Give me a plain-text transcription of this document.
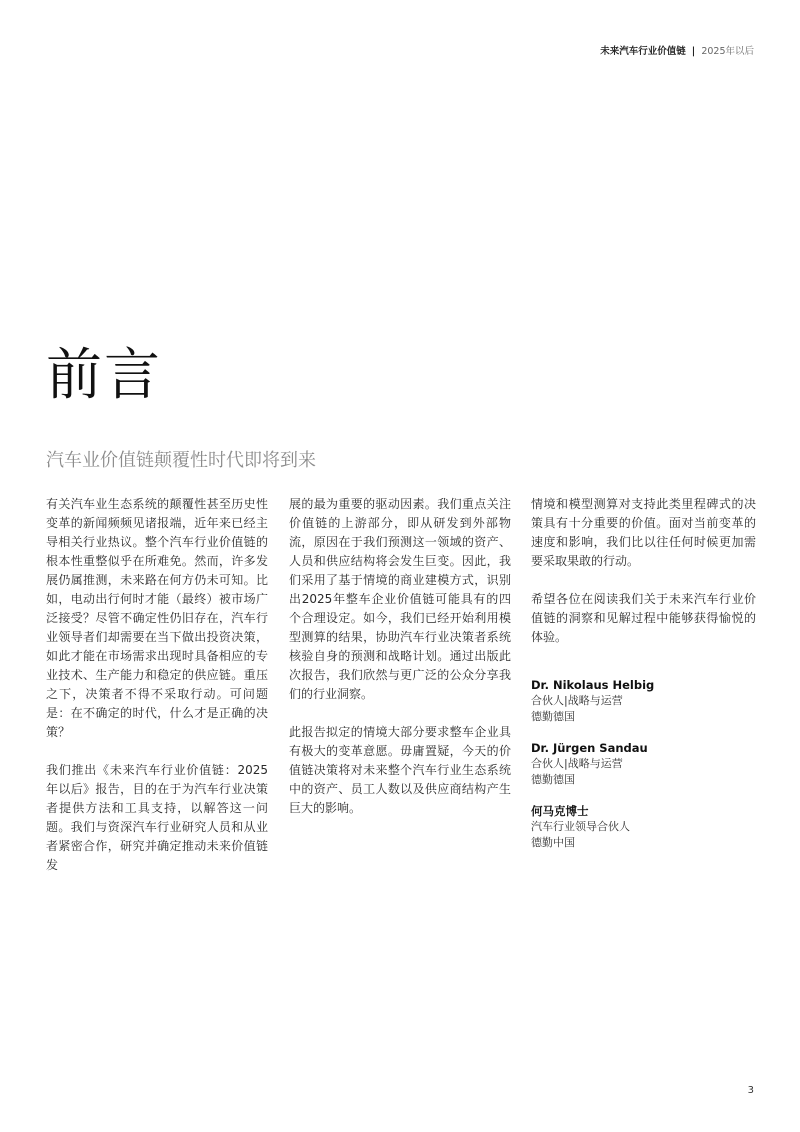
未来汽车行业价值链 | 2025年以后
前言
汽车业价值链颠覆性时代即将到来

有关汽车业生态系统的颠覆性甚至历史性变革的新闻频频见诸报端，近年来已经主导相关行业热议。整个汽车行业价值链的根本性重整似乎在所难免。然而，许多发展仍属推测，未来路在何方仍未可知。比如，电动出行何时才能（最终）被市场广泛接受？尽管不确定性仍旧存在，汽车行业领导者们却需要在当下做出投资决策，如此才能在市场需求出现时具备相应的专业技术、生产能力和稳定的供应链。重压之下，决策者不得不采取行动。可问题是：在不确定的时代，什么才是正确的决策？

我们推出《未来汽车行业价值链：2025年以后》报告，目的在于为汽车行业决策者提供方法和工具支持，以解答这一问题。我们与资深汽车行业研究人员和从业者紧密合作，研究并确定推动未来价值链发

展的最为重要的驱动因素。我们重点关注价值链的上游部分，即从研发到外部物流，原因在于我们预测这一领域的资产、人员和供应结构将会发生巨变。因此，我们采用了基于情境的商业建模方式，识别出2025年整车企业价值链可能具有的四个合理设定。如今，我们已经开始利用模型测算的结果，协助汽车行业决策者系统核验自身的预测和战略计划。通过出版此次报告，我们欣然与更广泛的公众分享我们的行业洞察。

此报告拟定的情境大部分要求整车企业具有极大的变革意愿。毋庸置疑，今天的价值链决策将对未来整个汽车行业生态系统中的资产、员工人数以及供应商结构产生巨大的影响。

情境和模型测算对支持此类里程碑式的决策具有十分重要的价值。面对当前变革的速度和影响，我们比以往任何时候更加需要采取果敢的行动。

希望各位在阅读我们关于未来汽车行业价值链的洞察和见解过程中能够获得愉悦的体验。

Dr. Nikolaus Helbig
合伙人|战略与运营
德勤德国
Dr. Jürgen Sandau
合伙人|战略与运营
德勤德国
何马克博士
汽车行业领导合伙人
德勤中国
3
